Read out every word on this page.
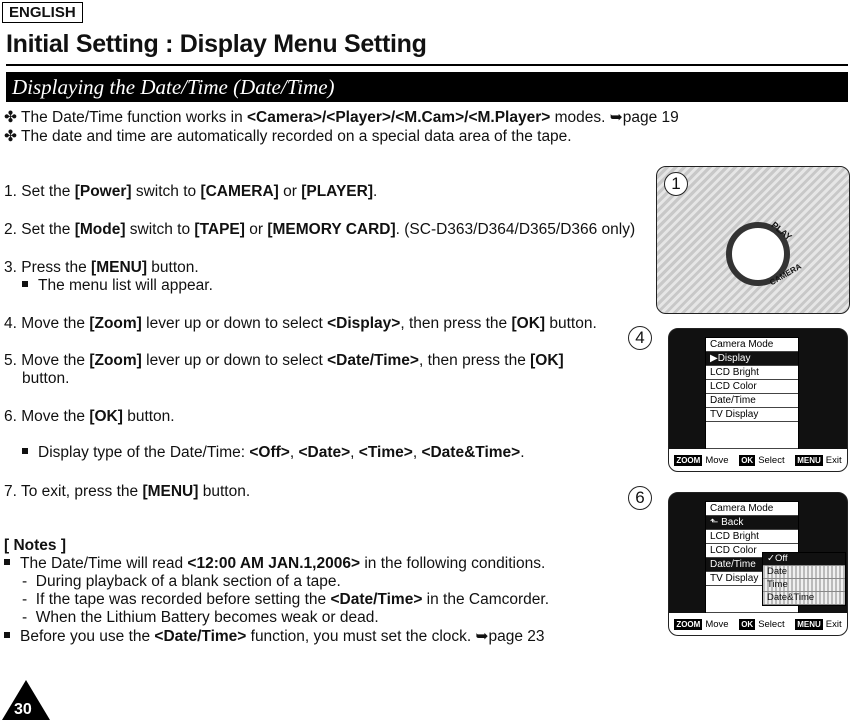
ENGLISH
Initial Setting : Display Menu Setting
Displaying the Date/Time (Date/Time)
✤ The Date/Time function works in <Camera>/<Player>/<M.Cam>/<M.Player> modes. ➥page 19
✤ The date and time are automatically recorded on a special data area of the tape.
1. Set the [Power] switch to [CAMERA] or [PLAYER].
2. Set the [Mode] switch to [TAPE] or [MEMORY CARD]. (SC-D363/D364/D365/D366 only)
3. Press the [MENU] button.
The menu list will appear.
4. Move the [Zoom] lever up or down to select <Display>, then press the [OK] button.
5. Move the [Zoom] lever up or down to select <Date/Time>, then press the [OK]
button.
6. Move the [OK] button.
Display type of the Date/Time: <Off>, <Date>, <Time>, <Date&Time>.
7. To exit, press the [MENU] button.
[ Notes ]
The Date/Time will read <12:00 AM JAN.1,2006> in the following conditions.
-  During playback of a blank section of a tape.
-  If the tape was recorded before setting the <Date/Time> in the Camcorder.
-  When the Lithium Battery becomes weak or dead.
Before you use the <Date/Time> function, you must set the clock. ➥page 23
PLAY
CAMERA
1
Camera Mode
▶Display
LCD Bright
LCD Color
Date/Time
TV Display
▶Off
▶On
ZOOM Move OK Select MENU Exit
4
Camera Mode
⬑ Back
LCD Bright
LCD Color
Date/Time
TV Display
ZOOM Move OK Select MENU Exit
✓Off
Date
Time
Date&Time
6
30
